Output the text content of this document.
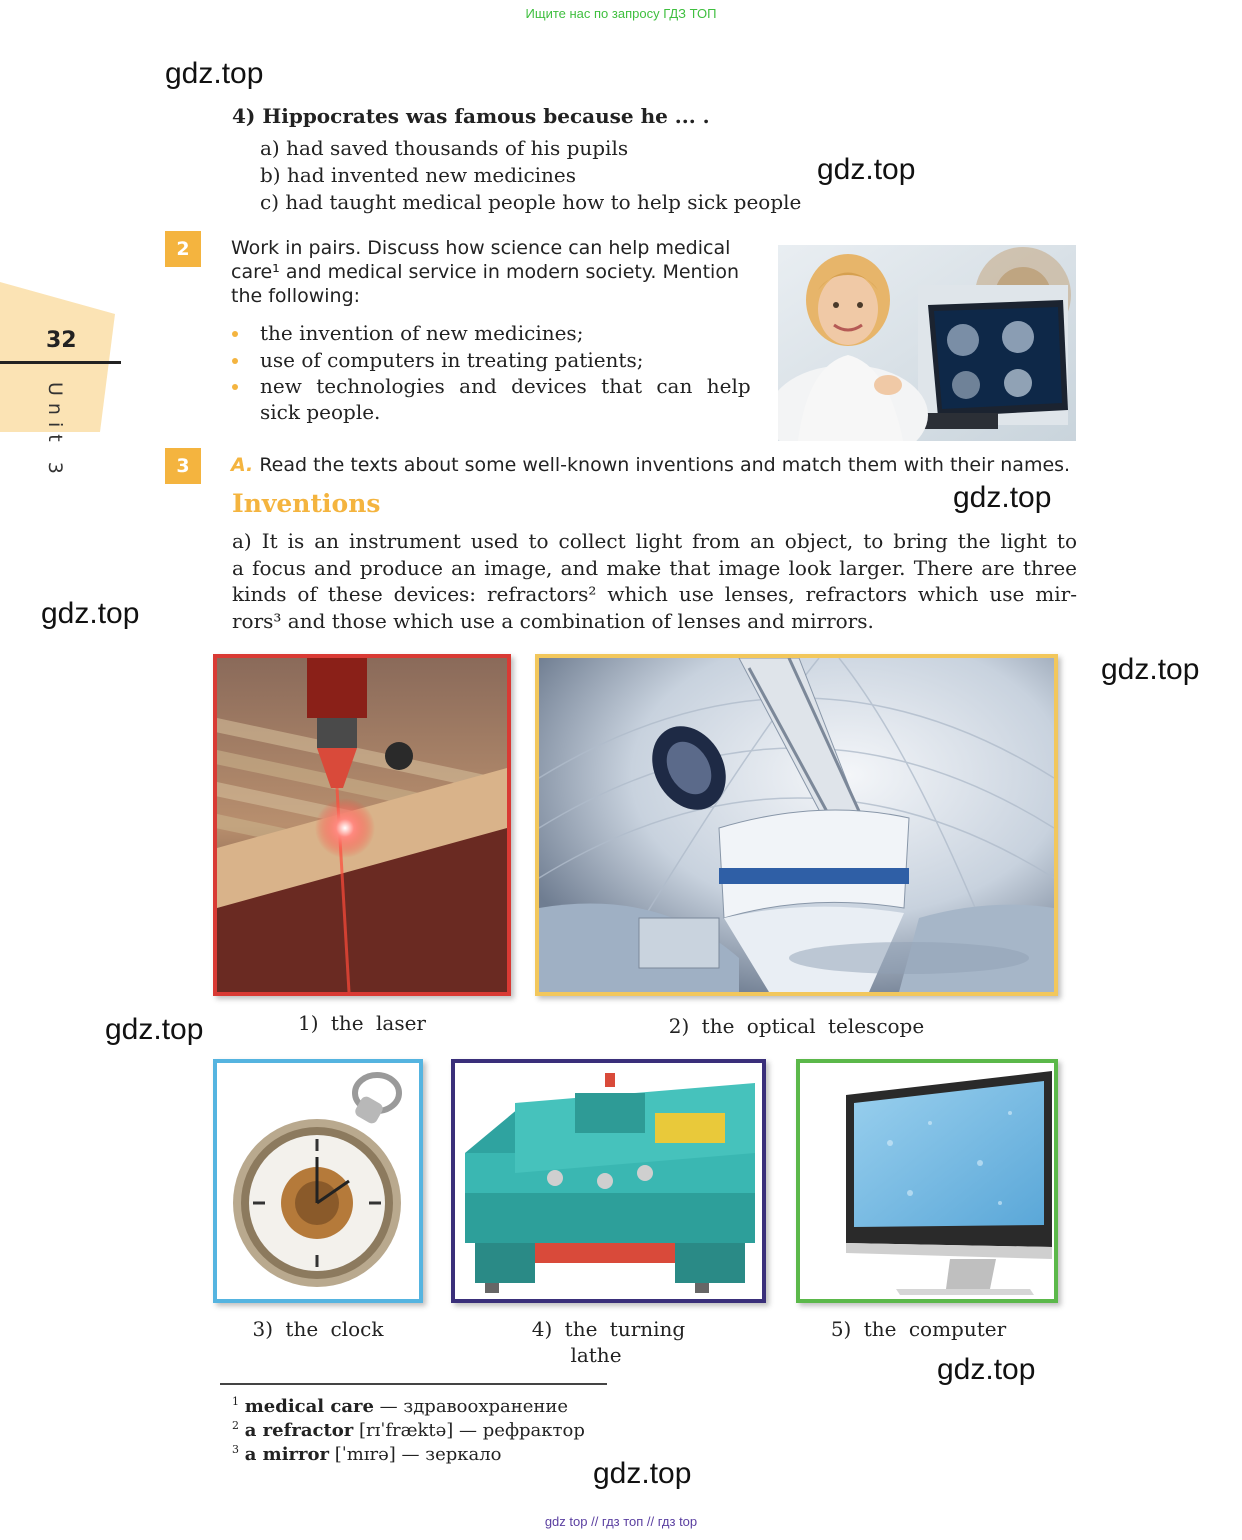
Ищите нас по запросу ГДЗ ТОП
gdz top // гдз топ // гдз top
32
Unit 3
gdz.top
gdz.top
gdz.top
gdz.top
gdz.top
gdz.top
gdz.top
gdz.top
4) Hippocrates was famous because he ... .
a) had saved thousands of his pupils
b) had invented new medicines
c) had taught medical people how to help sick people
2	Work in pairs. Discuss how science can help medical
care¹ and medical service in modern society. Mention
the following:
the invention of new medicines;
use of computers in treating patients;
new technologies and devices that can help
sick people.
3	A. Read the texts about some well-known inventions and match them with their names.
Inventions
a) It is an instrument used to collect light from an object, to bring the light to
a focus and produce an image, and make that image look larger. There are three
kinds of these devices: refractors² which use lenses, refractors which use mir-
rors³ and those which use a combination of lenses and mirrors.
1) the laser	2) the optical telescope
3) the clock	4) the turning
lathe
5) the computer
$^1$ medical care — здравоохранение
$^2$ a refractor [rɪˈfræktə] — рефрактор
$^3$ a mirror [ˈmɪrə] — зеркало
